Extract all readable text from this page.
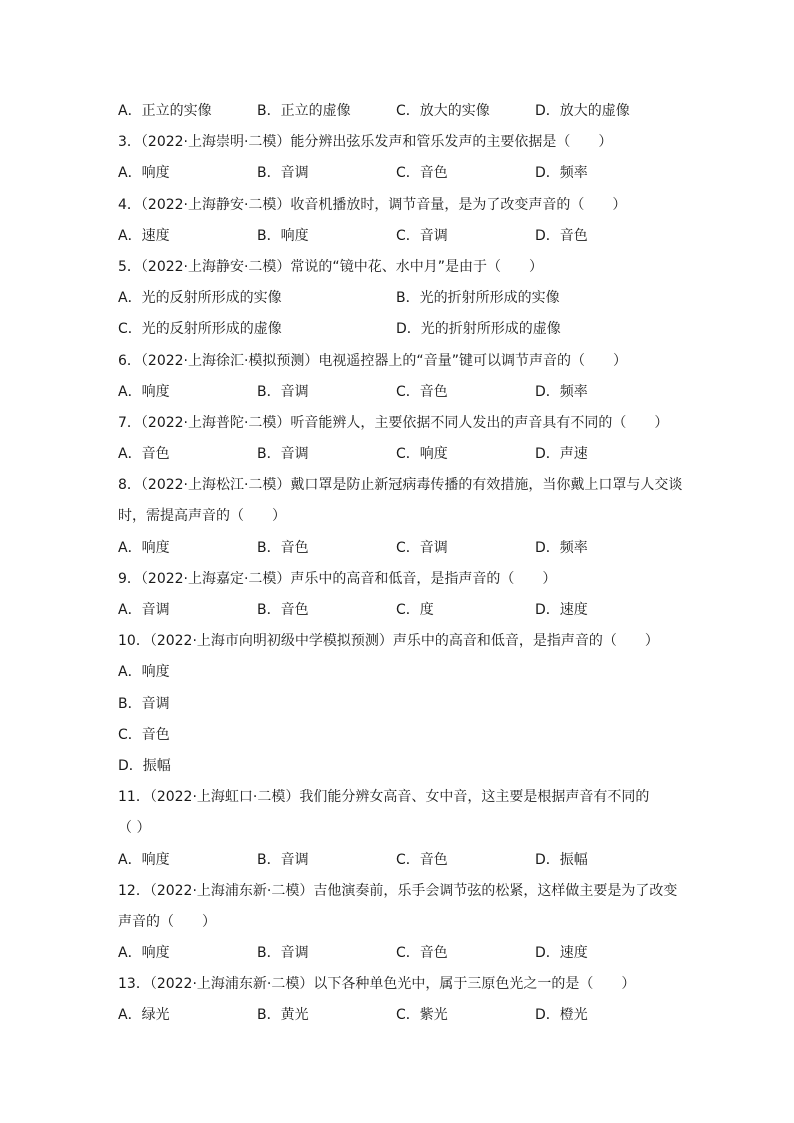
A．正立的实像	B．正立的虚像	C．放大的实像	D．放大的虚像
3．（2022·上海崇明·二模）能分辨出弦乐发声和管乐发声的主要依据是（　　）
A．响度	B．音调	C．音色	D．频率
4．（2022·上海静安·二模）收音机播放时，调节音量，是为了改变声音的（　　）
A．速度	B．响度	C．音调	D．音色
5．（2022·上海静安·二模）常说的“镜中花、水中月”是由于（　　）
A．光的反射所形成的实像	B．光的折射所形成的实像
C．光的反射所形成的虚像	D．光的折射所形成的虚像
6．（2022·上海徐汇·模拟预测）电视遥控器上的“音量”键可以调节声音的（　　）
A．响度	B．音调	C．音色	D．频率
7．（2022·上海普陀·二模）听音能辨人，主要依据不同人发出的声音具有不同的（　　）
A．音色	B．音调	C．响度	D．声速
8．（2022·上海松江·二模）戴口罩是防止新冠病毒传播的有效措施，当你戴上口罩与人交谈
时，需提高声音的（　　）
A．响度	B．音色	C．音调	D．频率
9．（2022·上海嘉定·二模）声乐中的高音和低音，是指声音的（　　）
A．音调	B．音色	C．度	D．速度
10．（2022·上海市向明初级中学模拟预测）声乐中的高音和低音，是指声音的（　　）
A．响度
B．音调
C．音色
D．振幅
11．（2022·上海虹口·二模）我们能分辨女高音、女中音，这主要是根据声音有不同的
（ ）
A．响度	B．音调	C．音色	D．振幅
12．（2022·上海浦东新·二模）吉他演奏前，乐手会调节弦的松紧，这样做主要是为了改变
声音的（　　）
A．响度	B．音调	C．音色	D．速度
13．（2022·上海浦东新·二模）以下各种单色光中，属于三原色光之一的是（　　）
A．绿光	B．黄光	C．紫光	D．橙光
